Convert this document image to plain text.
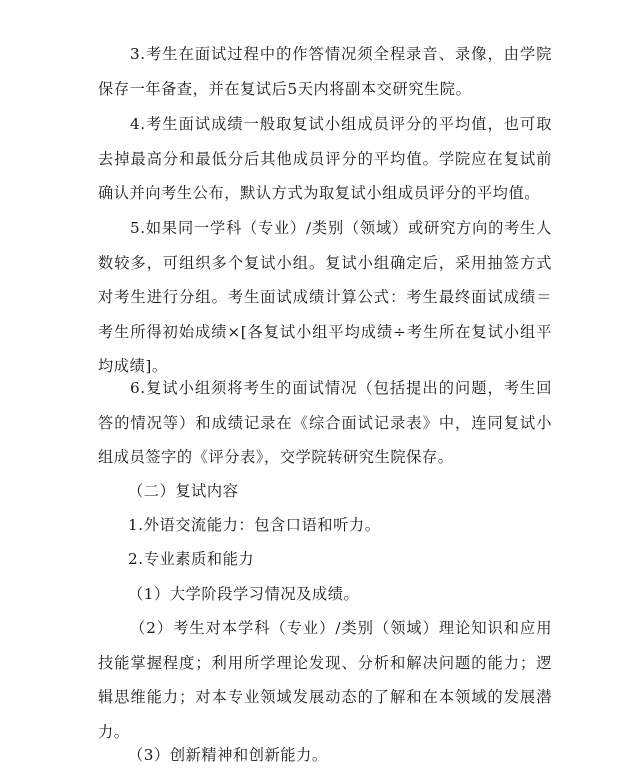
3.考生在面试过程中的作答情况须全程录音、录像，由学院保存一年备查，并在复试后5天内将副本交研究生院。

4.考生面试成绩一般取复试小组成员评分的平均值，也可取去掉最高分和最低分后其他成员评分的平均值。学院应在复试前确认并向考生公布，默认方式为取复试小组成员评分的平均值。

5.如果同一学科（专业）/类别（领域）或研究方向的考生人数较多，可组织多个复试小组。复试小组确定后，采用抽签方式对考生进行分组。考生面试成绩计算公式：考生最终面试成绩＝考生所得初始成绩×[各复试小组平均成绩÷考生所在复试小组平均成绩]。

6.复试小组须将考生的面试情况（包括提出的问题，考生回答的情况等）和成绩记录在《综合面试记录表》中，连同复试小组成员签字的《评分表》，交学院转研究生院保存。

（二）复试内容

1.外语交流能力：包含口语和听力。

2.专业素质和能力

（1）大学阶段学习情况及成绩。

（2）考生对本学科（专业）/类别（领域）理论知识和应用技能掌握程度；利用所学理论发现、分析和解决问题的能力；逻辑思维能力；对本专业领域发展动态的了解和在本领域的发展潜力。

（3）创新精神和创新能力。
